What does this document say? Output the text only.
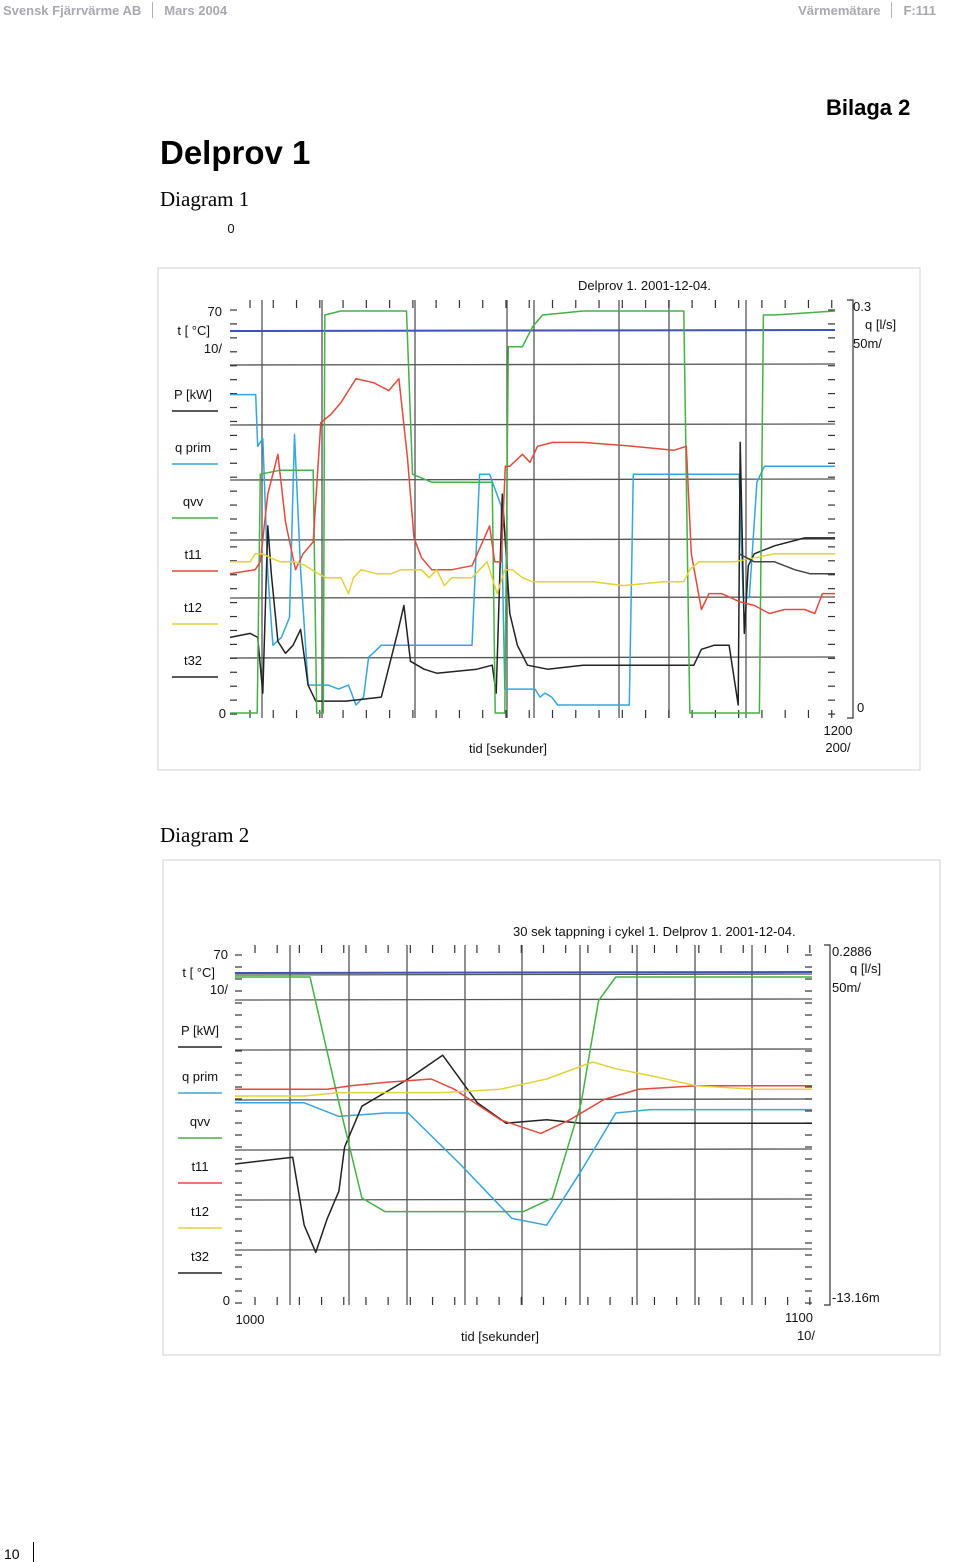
Svensk Fjärrvärme AB Mars 2004	Värmemätare F:111
Bilaga 2
Delprov 1
Diagram 1
Diagram 2
70
t [ °C]
10/
0
0.3
q [l/s]
50m/
0
P [kW]
q prim
qvv
t11
t12
t32
Delprov 1. 2001-12-04.
tid [sekunder]
0
1200
200/
70
t [ °C]
10/
0
0.2886
q [l/s]
50m/
-13.16m
P [kW]
q prim
qvv
t11
t12
t32
30 sek tappning i cykel 1. Delprov 1. 2001-12-04.
tid [sekunder]
1000	1100
10/
10
